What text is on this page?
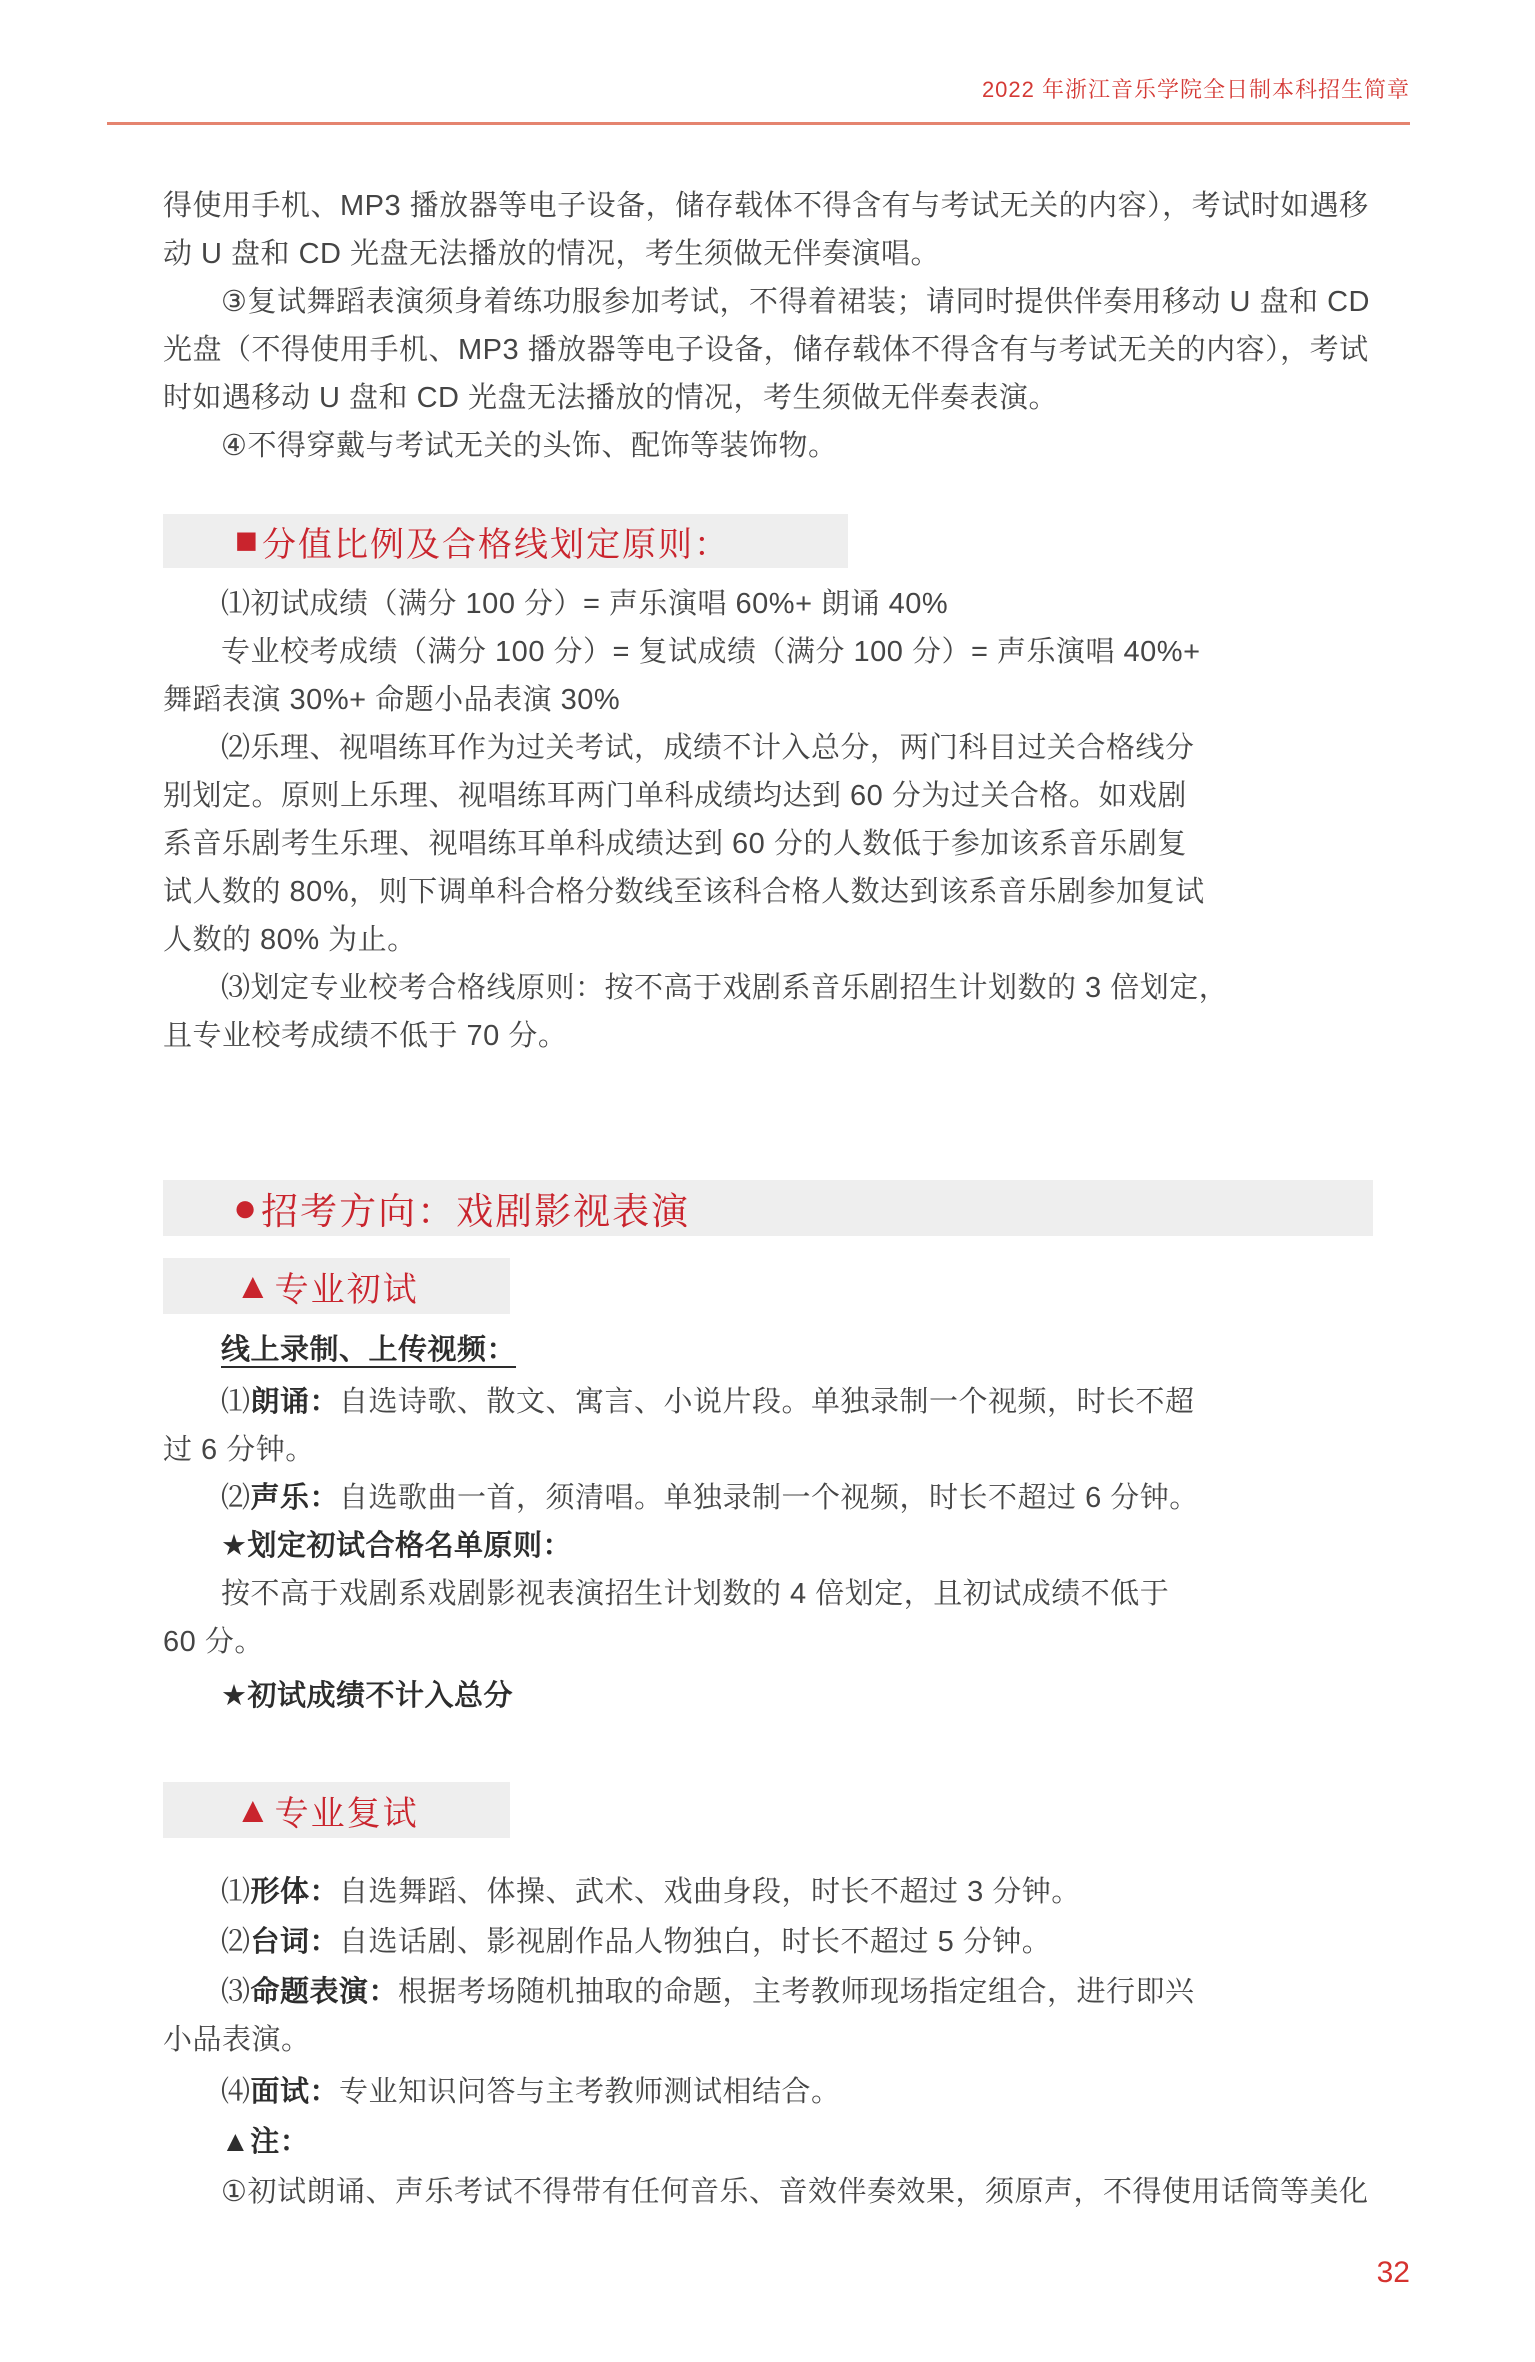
2022 年浙江音乐学院全日制本科招生简章
得使用手机、MP3 播放器等电子设备，储存载体不得含有与考试无关的内容），考试时如遇移
动 U 盘和 CD 光盘无法播放的情况，考生须做无伴奏演唱。
③复试舞蹈表演须身着练功服参加考试，不得着裙装；请同时提供伴奏用移动 U 盘和 CD
光盘（不得使用手机、MP3 播放器等电子设备，储存载体不得含有与考试无关的内容），考试
时如遇移动 U 盘和 CD 光盘无法播放的情况，考生须做无伴奏表演。
④不得穿戴与考试无关的头饰、配饰等装饰物。
■ 分值比例及合格线划定原则：
⑴初试成绩（满分 100 分）= 声乐演唱 60%+ 朗诵 40%
专业校考成绩（满分 100 分）= 复试成绩（满分 100 分）= 声乐演唱 40%+
舞蹈表演 30%+ 命题小品表演 30%
⑵乐理、视唱练耳作为过关考试，成绩不计入总分，两门科目过关合格线分
别划定。原则上乐理、视唱练耳两门单科成绩均达到 60 分为过关合格。如戏剧
系音乐剧考生乐理、视唱练耳单科成绩达到 60 分的人数低于参加该系音乐剧复
试人数的 80%，则下调单科合格分数线至该科合格人数达到该系音乐剧参加复试
人数的 80% 为止。
⑶划定专业校考合格线原则：按不高于戏剧系音乐剧招生计划数的 3 倍划定，
且专业校考成绩不低于 70 分。
● 招考方向：戏剧影视表演
▲ 专业初试
线上录制、上传视频：
⑴朗诵：自选诗歌、散文、寓言、小说片段。单独录制一个视频，时长不超
过 6 分钟。
⑵声乐：自选歌曲一首，须清唱。单独录制一个视频，时长不超过 6 分钟。
★划定初试合格名单原则：
按不高于戏剧系戏剧影视表演招生计划数的 4 倍划定，且初试成绩不低于
60 分。
★初试成绩不计入总分
▲ 专业复试
⑴形体：自选舞蹈、体操、武术、戏曲身段，时长不超过 3 分钟。
⑵台词：自选话剧、影视剧作品人物独白，时长不超过 5 分钟。
⑶命题表演：根据考场随机抽取的命题，主考教师现场指定组合，进行即兴
小品表演。
⑷面试：专业知识问答与主考教师测试相结合。
▲注：
①初试朗诵、声乐考试不得带有任何音乐、音效伴奏效果，须原声，不得使用话筒等美化
32
